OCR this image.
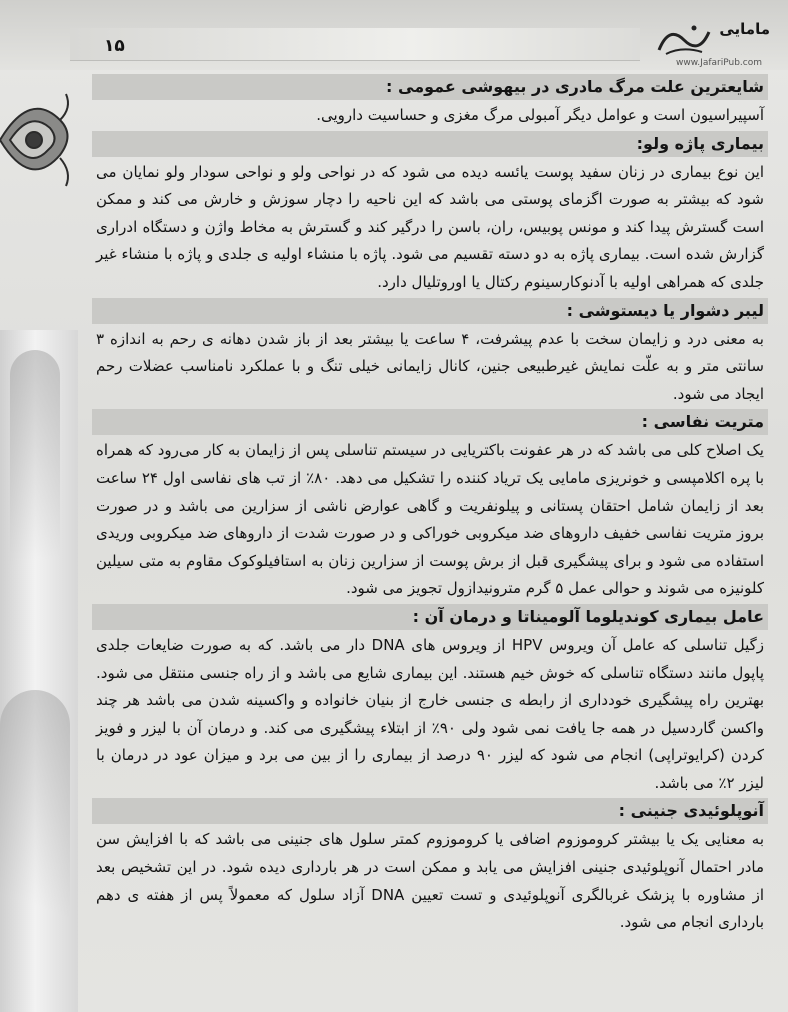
۱۵
مامایی
www.JafariPub.com
شایعترین علت مرگ مادری در بیهوشی عمومی :

آسپیراسیون است و عوامل دیگر آمبولی مرگ مغزی و حساسیت دارویی.

بیماری پاژه ولو:

این نوع بیماری در زنان سفید پوست یائسه دیده می شود که در نواحی ولو و نواحی سودار ولو نمایان می شود که بیشتر به صورت اگزمای پوستی می باشد که این ناحیه را دچار سوزش و خارش می کند و ممکن است گسترش پیدا کند و مونس پوبیس، ران، باسن را درگیر کند و گسترش به مخاط واژن و دستگاه ادراری گزارش شده است. بیماری پاژه به دو دسته تقسیم می شود. پاژه با منشاء اولیه ی جلدی و پاژه با منشاء غیر جلدی که همراهی اولیه با آدنوکارسینوم رکتال یا اوروتلیال دارد.

لیبر دشوار یا دیستوشی :

به معنی درد و زایمان سخت با عدم پیشرفت، ۴ ساعت یا بیشتر بعد از باز شدن دهانه ی رحم به اندازه ۳ سانتی متر و به علّت نمایش غیرطبیعی جنین، کانال زایمانی خیلی تنگ و با عملکرد نامناسب عضلات رحم ایجاد می شود.

متریت نفاسی :

یک اصلاح کلی می باشد که در هر عفونت باکتریایی در سیستم تناسلی پس از زایمان به کار می‌رود که همراه با پره اکلامپسی و خونریزی مامایی یک تریاد کننده را تشکیل می دهد. ۸۰٪ از تب های نفاسی اول ۲۴ ساعت بعد از زایمان شامل احتقان پستانی و پیلونفریت و گاهی عوارض ناشی از سزارین می باشد و در صورت بروز متریت نفاسی خفیف داروهای ضد میکروبی خوراکی و در صورت شدت از داروهای ضد میکروبی وریدی استفاده می شود و برای پیشگیری قبل از برش پوست از سزارین زنان به استافیلوکوک مقاوم به متی سیلین کلونیزه می شوند و حوالی عمل ۵ گرم مترونیدازول تجویز می شود.

عامل بیماری کوندیلوما آلومیناتا و درمان آن :

زگیل تناسلی که عامل آن ویروس HPV از ویروس های DNA دار می باشد. که به صورت ضایعات جلدی پاپول مانند دستگاه تناسلی که خوش خیم هستند. این بیماری شایع می باشد و از راه جنسی منتقل می شود. بهترین راه پیشگیری خودداری از رابطه ی جنسی خارج از بنیان خانواده و واکسینه شدن می باشد هر چند واکسن گاردسیل در همه جا یافت نمی شود ولی ۹۰٪ از ابتلاء پیشگیری می کند. و درمان آن با لیزر و فویز کردن (کرایوتراپی) انجام می شود که لیزر ۹۰ درصد از بیماری را از بین می برد و میزان عود در درمان با لیزر ۲٪ می باشد.

آنوپلوئیدی جنینی :

به معنایی یک یا بیشتر کروموزوم اضافی یا کروموزوم کمتر سلول های جنینی می باشد که با افزایش سن مادر احتمال آنوپلوئیدی جنینی افزایش می یابد و ممکن است در هر بارداری دیده شود. در این تشخیص بعد از مشاوره با پزشک غربالگری آنوپلوئیدی و تست تعیین DNA آزاد سلول که معمولاً پس از هفته ی دهم بارداری انجام می شود.
